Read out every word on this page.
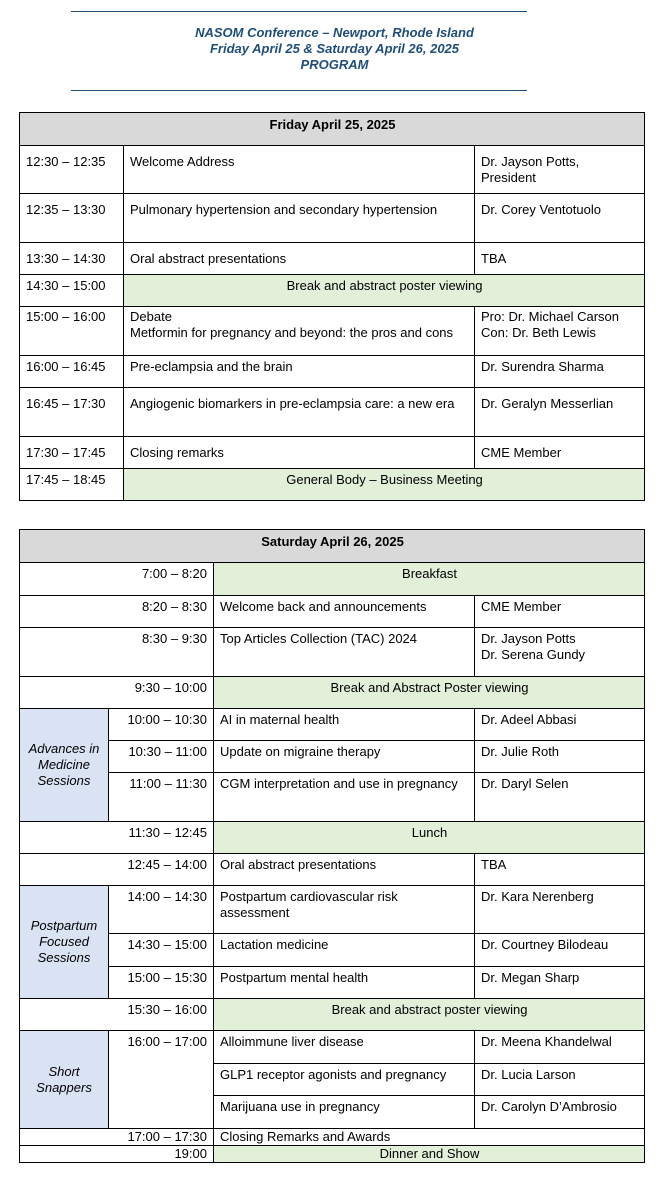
NASOM Conference – Newport, Rhode Island
Friday April 25 & Saturday April 26, 2025
PROGRAM
Friday April 25, 2025		
12:30 – 12:35	Welcome Address	Dr. Jayson Potts,
President

12:35 – 13:30	Pulmonary hypertension and secondary hypertension	Dr. Corey Ventotuolo
13:30 – 14:30	Oral abstract presentations	TBA
14:30 – 15:00	Break and abstract poster viewing	
15:00 – 16:00	Debate
Metformin for pregnancy and beyond: the pros and cons	Pro: Dr. Michael Carson
Con: Dr. Beth Lewis

16:00 – 16:45	Pre-eclampsia and the brain	Dr. Surendra Sharma
16:45 – 17:30	Angiogenic biomarkers in pre-eclampsia care: a new era	Dr. Geralyn Messerlian
17:30 – 17:45	Closing remarks	CME Member
17:45 – 18:45	General Body – Business Meeting	
Saturday April 26, 2025			
7:00 – 8:20		Breakfast	
8:20 – 8:30		Welcome back and announcements	CME Member
8:30 – 9:30		Top Articles Collection (TAC) 2024	Dr. Jayson Potts
Dr. Serena Gundy

9:30 – 10:00		Break and Abstract Poster viewing	
Advances in Medicine Sessions	10:00 – 10:30	AI in maternal health	Dr. Adeel Abbasi
	10:30 – 11:00	Update on migraine therapy	Dr. Julie Roth
	11:00 – 11:30	CGM interpretation and use in pregnancy	Dr. Daryl Selen
11:30 – 12:45		Lunch	
12:45 – 14:00		Oral abstract presentations	TBA
Postpartum Focused Sessions	14:00 – 14:30	Postpartum cardiovascular risk assessment	Dr. Kara Nerenberg
	14:30 – 15:00	Lactation medicine	Dr. Courtney Bilodeau
	15:00 – 15:30	Postpartum mental health	Dr. Megan Sharp
15:30 – 16:00		Break and abstract poster viewing	
Short Snappers	16:00 – 17:00	Alloimmune liver disease	Dr. Meena Khandelwal
		GLP1 receptor agonists and pregnancy	Dr. Lucia Larson
		Marijuana use in pregnancy	Dr. Carolyn D’Ambrosio
17:00 – 17:30		Closing Remarks and Awards	
19:00		Dinner and Show	
